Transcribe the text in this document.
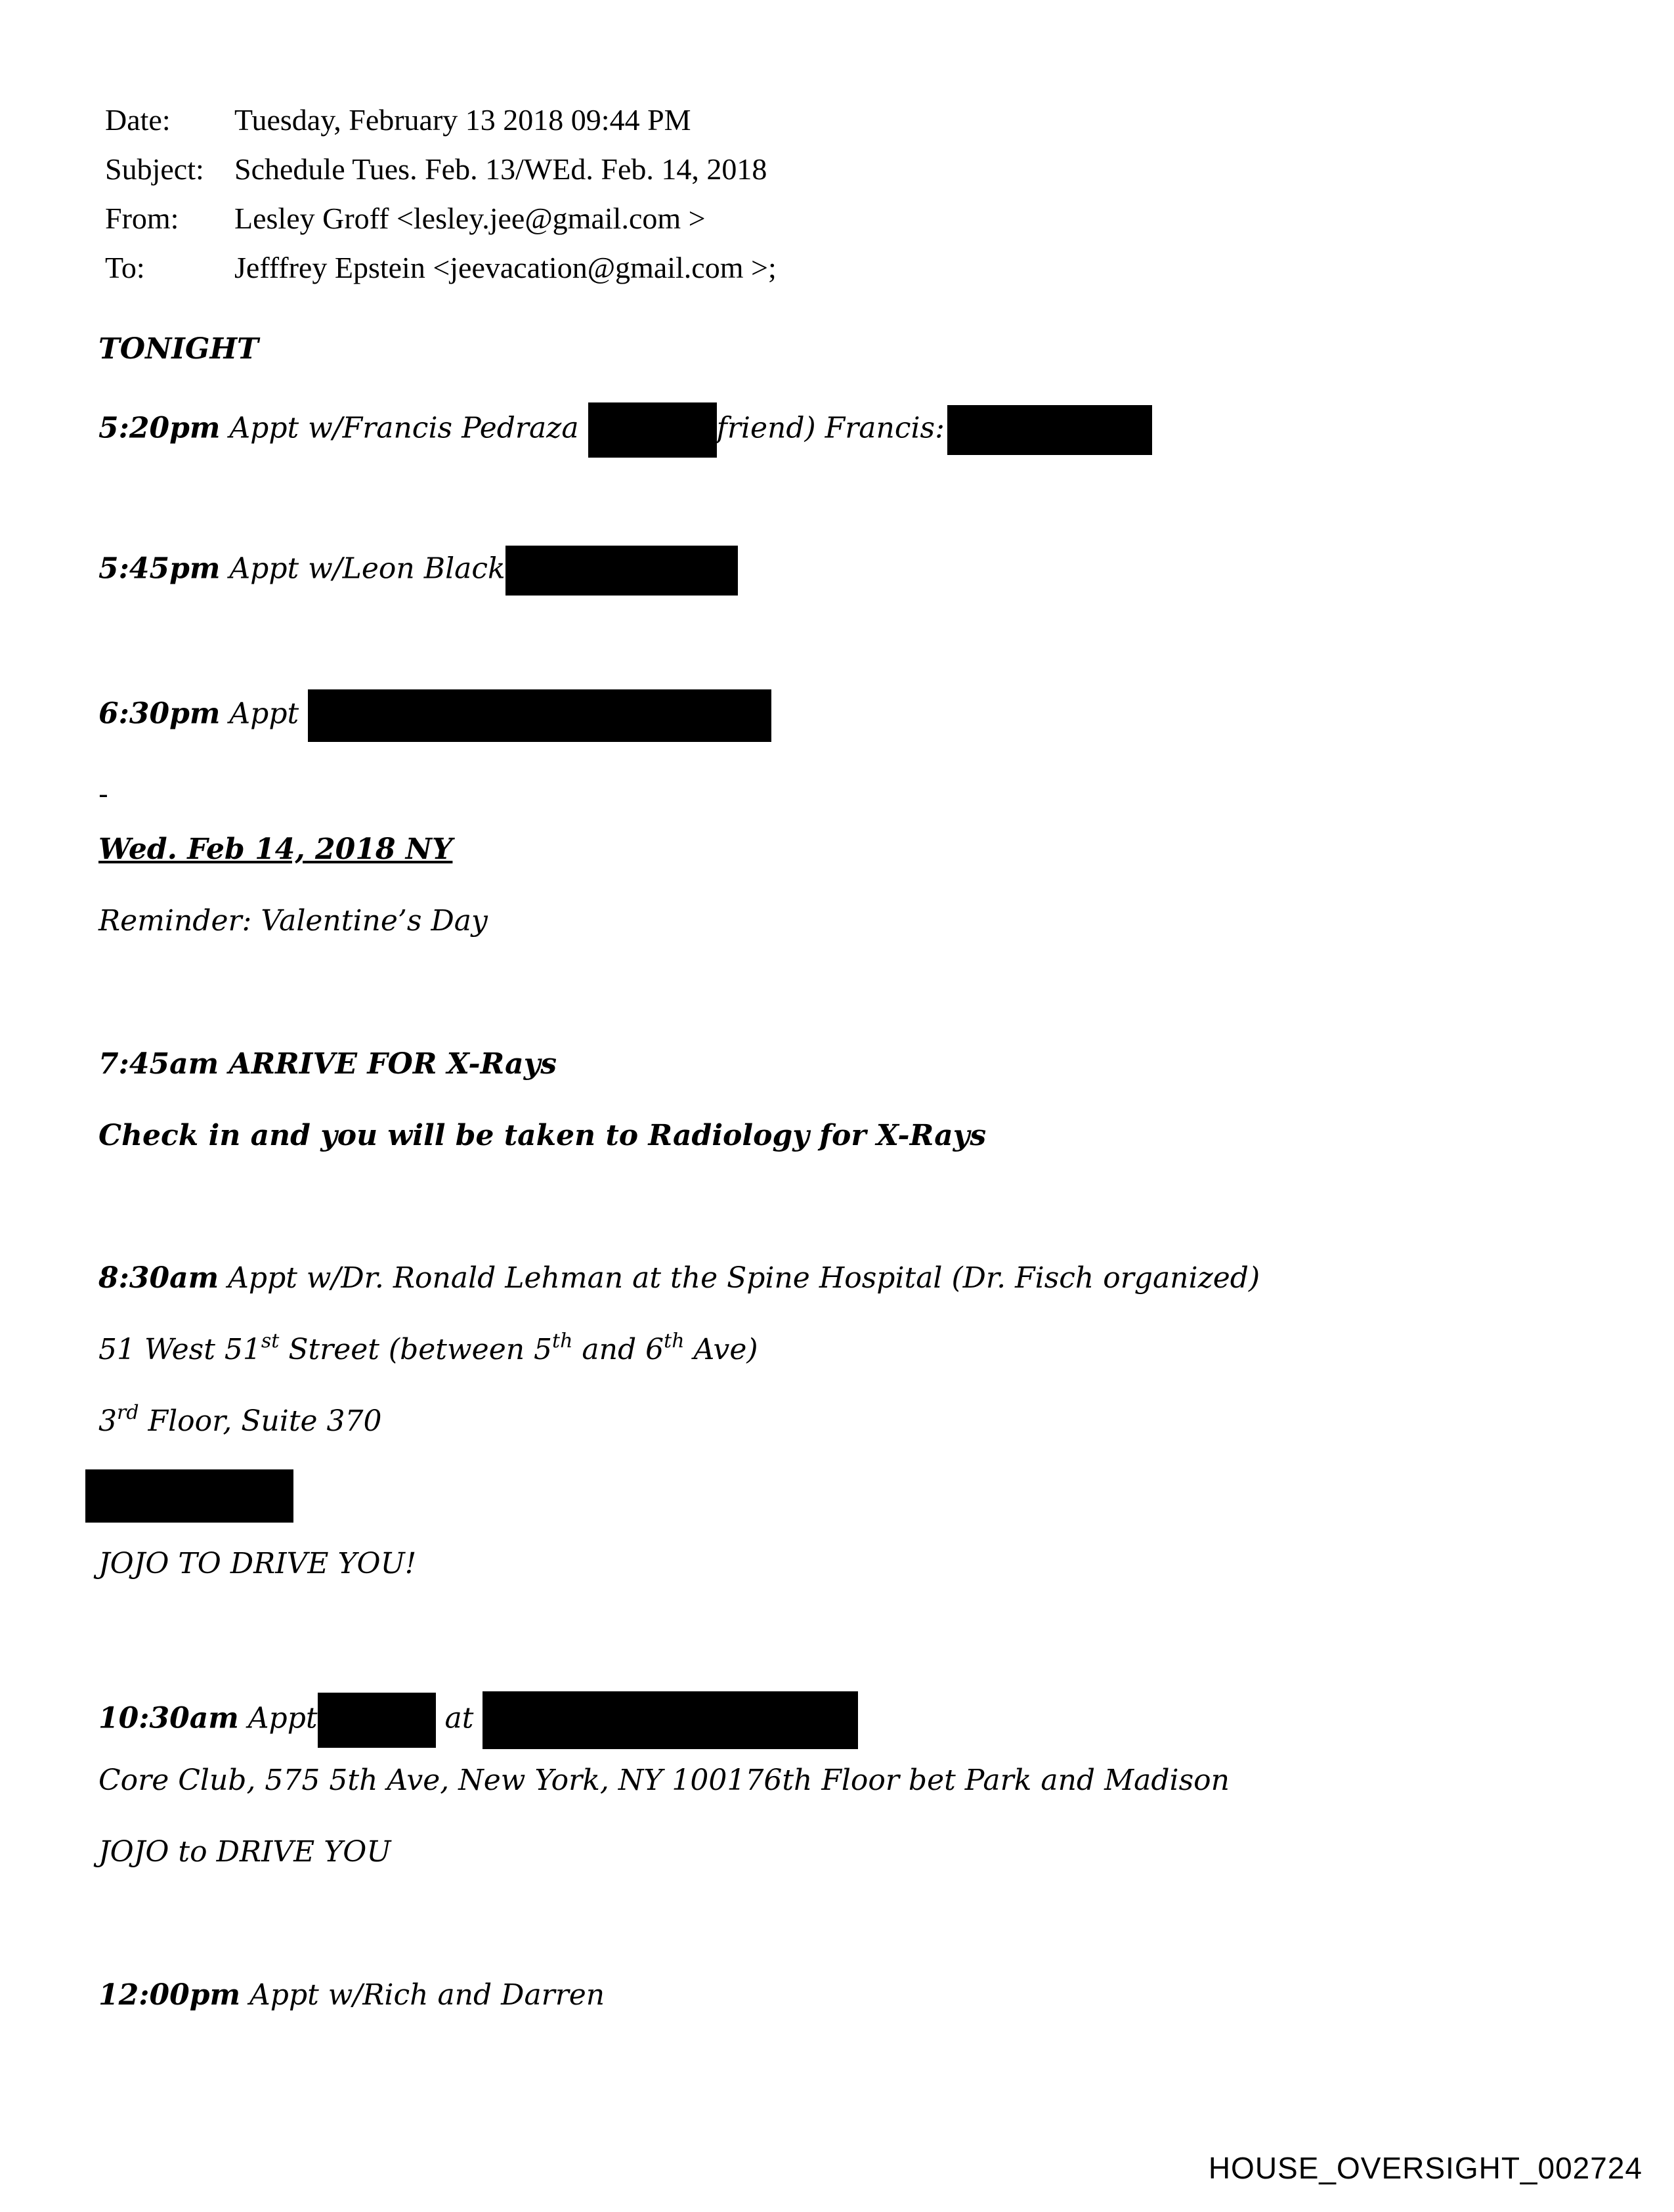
Date:	Tuesday, February 13 2018 09:44 PM
Subject:	Schedule Tues. Feb. 13/WEd. Feb. 14, 2018
From:	Lesley Groff <lesley.jee@gmail.com >
To:	Jefffrey Epstein <jeevacation@gmail.com >;
TONIGHT
5:20pm Appt w/Francis Pedraza	friend) Francis:
5:45pm Appt w/Leon Black
6:30pm Appt
-
Wed. Feb 14, 2018 NY
Reminder: Valentine’s Day
7:45am ARRIVE FOR X-Rays
Check in and you will be taken to Radiology for X-Rays
8:30am Appt w/Dr. Ronald Lehman at the Spine Hospital (Dr. Fisch organized)
51 West 51st Street (between 5th and 6th Ave)
3rd Floor, Suite 370
JOJO TO DRIVE YOU!
10:30am Appt	at
Core Club, 575 5th Ave, New York, NY 100176th Floor bet Park and Madison
JOJO to DRIVE YOU
12:00pm Appt w/Rich and Darren
HOUSE_OVERSIGHT_002724
